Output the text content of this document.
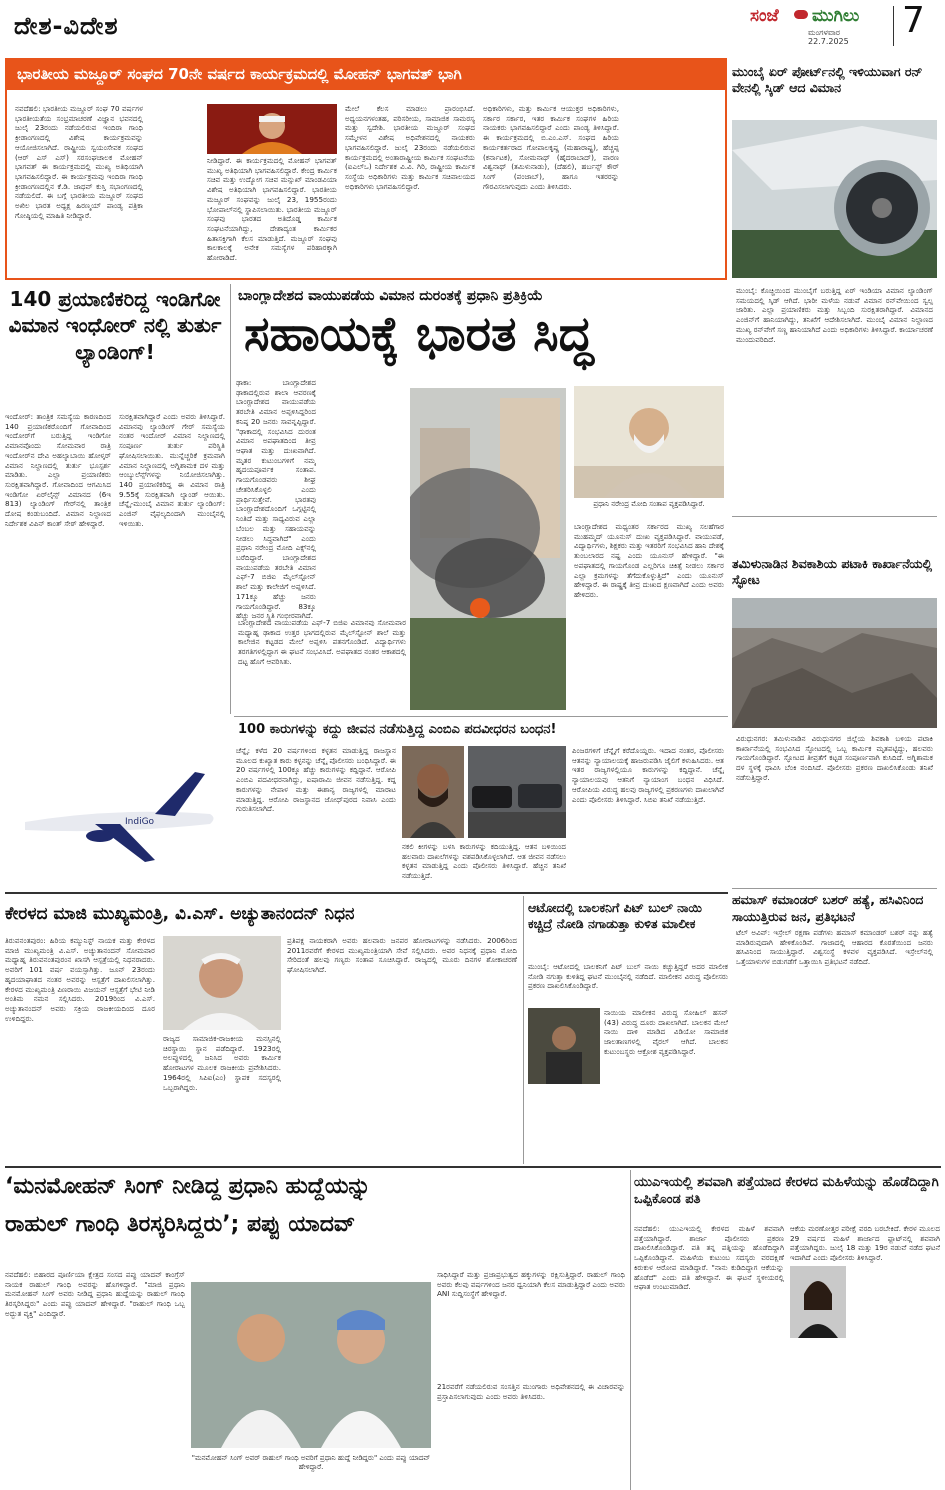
ದೇಶ-ವಿದೇಶ	ಸಂಜೆ ಮುಗಿಲು
ಮಂಗಳವಾರ
22.7.2025
7
ಭಾರತೀಯ ಮಜ್ದೂರ್ ಸಂಘದ 70ನೇ ವರ್ಷದ ಕಾರ್ಯಕ್ರಮದಲ್ಲಿ ಮೋಹನ್ ಭಾಗವತ್ ಭಾಗಿ
ನವದೆಹಲಿ: ಭಾರತೀಯ ಮಜ್ದೂರ್ ಸಂಘ 70 ವರ್ಷಗಳ ಭಾರತೀಯತೆಯ ಸಂಭ್ರಮಾಚರಣೆ ವಿಜ್ಞಾನ ಭವನದಲ್ಲಿ ಜುಲೈ 23ರಂದು ನಡೆಯಲಿರುವ ಇಂದಿರಾ ಗಾಂಧಿ ಕ್ರೀಡಾಂಗಣದಲ್ಲಿ ವಿಶೇಷ ಕಾರ್ಯಕ್ರಮವನ್ನು ಆಯೋಜಿಸಲಾಗಿದೆ. ರಾಷ್ಟ್ರೀಯ ಸ್ವಯಂಸೇವಕ ಸಂಘದ (ಆರ್ ಎಸ್ ಎಸ್) ಸರಸಂಘಚಾಲಕ ಮೋಹನ್ ಭಾಗವತ್ ಈ ಕಾರ್ಯಕ್ರಮದಲ್ಲಿ ಮುಖ್ಯ ಅತಿಥಿಯಾಗಿ ಭಾಗವಹಿಸಲಿದ್ದಾರೆ. ಈ ಕಾರ್ಯಕ್ರಮವು ಇಂದಿರಾ ಗಾಂಧಿ ಕ್ರೀಡಾಂಗಣದಲ್ಲಿನ ಕೆ.ಡಿ. ಜಾಧವ್ ಕುಸ್ತಿ ಸಭಾಂಗಣದಲ್ಲಿ ನಡೆಯಲಿದೆ. ಈ ಬಗ್ಗೆ ಭಾರತೀಯ ಮಜ್ದೂರ್ ಸಂಘದ ಅಖಿಲ ಭಾರತ ಅಧ್ಯಕ್ಷ ಹಿರಣ್ಮಯ್ ಪಾಂಡ್ಯ ಪತ್ರಿಕಾ ಗೋಷ್ಠಿಯಲ್ಲಿ ಮಾಹಿತಿ ನೀಡಿದ್ದಾರೆ.
ನೀಡಿದ್ದಾರೆ. ಈ ಕಾರ್ಯಕ್ರಮದಲ್ಲಿ ಮೋಹನ್ ಭಾಗವತ್ ಮುಖ್ಯ ಅತಿಥಿಯಾಗಿ ಭಾಗವಹಿಸಲಿದ್ದಾರೆ. ಕೇಂದ್ರ ಕಾರ್ಮಿಕ ಸಚಿವ ಮತ್ತು ಉದ್ಯೋಗ ಸಚಿವ ಮನ್ಸುಖ್ ಮಾಂಡವಿಯಾ ವಿಶೇಷ ಅತಿಥಿಯಾಗಿ ಭಾಗವಹಿಸಲಿದ್ದಾರೆ. ಭಾರತೀಯ ಮಜ್ದೂರ್ ಸಂಘವನ್ನು ಜುಲೈ 23, 1955ರಂದು ಭೋಪಾಲ್‌ನಲ್ಲಿ ಸ್ಥಾಪಿಸಲಾಯಿತು. ಭಾರತೀಯ ಮಜ್ದೂರ್ ಸಂಘವು ಭಾರತದ ಅತಿದೊಡ್ಡ ಕಾರ್ಮಿಕ ಸಂಘಟನೆಯಾಗಿದ್ದು, ದೇಶಾದ್ಯಂತ ಕಾರ್ಮಿಕರ ಹಿತಾಸಕ್ತಿಗಾಗಿ ಕೆಲಸ ಮಾಡುತ್ತಿದೆ. ಮಜ್ದೂರ್ ಸಂಘವು ಕಾಲಕಾಲಕ್ಕೆ ಅನೇಕ ಸಮಸ್ಯೆಗಳ ಪರಿಹಾರಕ್ಕಾಗಿ ಹೋರಾಡಿದೆ.
ಮೇಲೆ ಕೆಲಸ ಮಾಡಲು ಪ್ರಾರಂಭಿಸಿದೆ. ಅಧ್ಯಯನಗಳಂತಹ, ಪರಿಸರೀಯ, ಸಾಮಾಜಿಕ ಸಾಮರಸ್ಯ ಮತ್ತು ಸ್ವದೇಶಿ. ಭಾರತೀಯ ಮಜ್ದೂರ್ ಸಂಘದ ಸಮ್ಮೇಳನ ವಿಶೇಷ ಅಧಿವೇಶನದಲ್ಲಿ ನಾಯಕರು ಭಾಗವಹಿಸಲಿದ್ದಾರೆ. ಜುಲೈ 23ರಂದು ನಡೆಯಲಿರುವ ಕಾರ್ಯಕ್ರಮದಲ್ಲಿ ಅಂತಾರಾಷ್ಟ್ರೀಯ ಕಾರ್ಮಿಕ ಸಂಘಟನೆಯ (ಐಎಲ್‌ಒ) ನಿರ್ದೇಶಕ ವಿ.ವಿ. ಗಿರಿ, ರಾಷ್ಟ್ರೀಯ ಕಾರ್ಮಿಕ ಸಂಸ್ಥೆಯ ಅಧಿಕಾರಿಗಳು ಮತ್ತು ಕಾರ್ಮಿಕ ಸಚಿವಾಲಯದ ಅಧಿಕಾರಿಗಳು ಭಾಗವಹಿಸಲಿದ್ದಾರೆ.
ಅಧಿಕಾರಿಗಳು, ಮತ್ತು ಕಾರ್ಮಿಕ ಆಯುಕ್ತರ ಅಧಿಕಾರಿಗಳು, ಸರ್ಕಾರ ಸರ್ಕಾರ, ಇತರ ಕಾರ್ಮಿಕ ಸಂಘಗಳ ಹಿರಿಯ ನಾಯಕರು ಭಾಗವಹಿಸಲಿದ್ದಾರೆ ಎಂದು ಪಾಂಡ್ಯ ತಿಳಿಸಿದ್ದಾರೆ. ಈ ಕಾರ್ಯಕ್ರಮದಲ್ಲಿ ಬಿ.ಎಂ.ಎಸ್. ಸಂಘದ ಹಿರಿಯ ಕಾರ್ಯಕರ್ತರಾದ ಗೋಪಾಲಕೃಷ್ಣ (ಮಹಾರಾಷ್ಟ್ರ), ಹೆಚ್ಚಪ್ಪ (ಕರ್ನಾಟಕ), ಸೋಮನಾಥ್ (ಹೈದರಾಬಾದ್), ವಾರಣ ವಿಶ್ವನಾಥ್ (ತಮಿಳುನಾಡು), (ದೆಹಲಿ), ಹರ್ಬನ್ಸ್ ಕೌರ್ ಸಿಂಗ್ (ಪಂಜಾಬ್), ಹಾಗೂ ಇತರರನ್ನು ಗೌರವಿಸಲಾಗುವುದು ಎಂದು ತಿಳಿಸಿದರು.
ಮುಂಬೈ ಏರ್ ಪೋರ್ಟ್‌ನಲ್ಲಿ ಇಳಿಯುವಾಗ ರನ್ ವೇನಲ್ಲಿ ಸ್ಕಿಡ್ ಆದ ವಿಮಾನ
ಮುಂಬೈ: ಕೊಚ್ಚಿಯಿಂದ ಮುಂಬೈಗೆ ಬರುತ್ತಿದ್ದ ಏರ್ ಇಂಡಿಯಾ ವಿಮಾನ ಲ್ಯಾಂಡಿಂಗ್ ಸಮಯದಲ್ಲಿ ಸ್ಕಿಡ್ ಆಗಿದೆ. ಭಾರೀ ಮಳೆಯ ನಡುವೆ ವಿಮಾನ ರನ್‌ವೇಯಿಂದ ಸ್ವಲ್ಪ ಜಾರಿತು. ಎಲ್ಲಾ ಪ್ರಯಾಣಿಕರು ಮತ್ತು ಸಿಬ್ಬಂದಿ ಸುರಕ್ಷಿತರಾಗಿದ್ದಾರೆ. ವಿಮಾನದ ಎಂಜಿನ್‌ಗೆ ಹಾನಿಯಾಗಿದ್ದು, ತನಿಖೆಗೆ ಆದೇಶಿಸಲಾಗಿದೆ. ಮುಂಬೈ ವಿಮಾನ ನಿಲ್ದಾಣದ ಮುಖ್ಯ ರನ್‌ವೇಗೆ ಸಣ್ಣ ಹಾನಿಯಾಗಿದೆ ಎಂದು ಅಧಿಕಾರಿಗಳು ತಿಳಿಸಿದ್ದಾರೆ. ಕಾರ್ಯಾಚರಣೆ ಮುಂದುವರಿದಿದೆ.
ತಮಿಳುನಾಡಿನ ಶಿವಕಾಶಿಯ ಪಟಾಕಿ ಕಾರ್ಖಾನೆಯಲ್ಲಿ ಸ್ಫೋಟ
ವಿರುಧುನಗರ: ತಮಿಳುನಾಡಿನ ವಿರುಧುನಗರ ಜಿಲ್ಲೆಯ ಶಿವಕಾಶಿ ಬಳಿಯ ಪಟಾಕಿ ಕಾರ್ಖಾನೆಯಲ್ಲಿ ಸಂಭವಿಸಿದ ಸ್ಫೋಟದಲ್ಲಿ ಒಬ್ಬ ಕಾರ್ಮಿಕ ಮೃತಪಟ್ಟಿದ್ದು, ಹಲವರು ಗಾಯಗೊಂಡಿದ್ದಾರೆ. ಸ್ಫೋಟದ ತೀವ್ರತೆಗೆ ಕಟ್ಟಡ ಸಂಪೂರ್ಣವಾಗಿ ಕುಸಿದಿದೆ. ಅಗ್ನಿಶಾಮಕ ದಳ ಸ್ಥಳಕ್ಕೆ ಧಾವಿಸಿ ಬೆಂಕಿ ನಂದಿಸಿದೆ. ಪೊಲೀಸರು ಪ್ರಕರಣ ದಾಖಲಿಸಿಕೊಂಡು ತನಿಖೆ ನಡೆಸುತ್ತಿದ್ದಾರೆ.
ಹಮಾಸ್ ಕಮಾಂಡರ್ ಬಶರ್ ಹತ್ಯೆ, ಹಸಿವಿನಿಂದ ಸಾಯುತ್ತಿರುವ ಜನ, ಪ್ರತಿಭಟನೆ
ಟೆಲ್ ಅವಿವ್: ಇಸ್ರೇಲ್ ರಕ್ಷಣಾ ಪಡೆಗಳು ಹಮಾಸ್ ಕಮಾಂಡರ್ ಬಶರ್ ನನ್ನು ಹತ್ಯೆ ಮಾಡಿರುವುದಾಗಿ ಹೇಳಿಕೊಂಡಿವೆ. ಗಾಜಾದಲ್ಲಿ ಆಹಾರದ ಕೊರತೆಯಿಂದ ಜನರು ಹಸಿವಿನಿಂದ ಸಾಯುತ್ತಿದ್ದಾರೆ. ವಿಶ್ವಸಂಸ್ಥೆ ಕಳವಳ ವ್ಯಕ್ತಪಡಿಸಿದೆ. ಇಸ್ರೇಲ್‌ನಲ್ಲಿ ಒತ್ತೆಯಾಳುಗಳ ಬಿಡುಗಡೆಗೆ ಒತ್ತಾಯಿಸಿ ಪ್ರತಿಭಟನೆ ನಡೆದಿದೆ.
140 ಪ್ರಯಾಣಿಕರಿದ್ದ ಇಂಡಿಗೋ ವಿಮಾನ ಇಂಧೋರ್ ನಲ್ಲಿ ತುರ್ತು ಲ್ಯಾಂಡಿಂಗ್!
ಇಂದೋರ್: ತಾಂತ್ರಿಕ ಸಮಸ್ಯೆಯ ಕಾರಣದಿಂದ 140 ಪ್ರಯಾಣಿಕರೊಂದಿಗೆ ಗೋವಾದಿಂದ ಇಂದೋರ್‌ಗೆ ಬರುತ್ತಿದ್ದ ಇಂಡಿಗೋ ವಿಮಾನವೊಂದು ಸೋಮವಾರ ರಾತ್ರಿ ಇಂದೋರ್‌ನ ದೇವಿ ಅಹಲ್ಯಾಬಾಯಿ ಹೋಳ್ಕರ್ ವಿಮಾನ ನಿಲ್ದಾಣದಲ್ಲಿ ತುರ್ತು ಭೂಸ್ಪರ್ಶ ಮಾಡಿತು. ಎಲ್ಲಾ ಪ್ರಯಾಣಿಕರು ಸುರಕ್ಷಿತವಾಗಿದ್ದಾರೆ. ಗೋವಾದಿಂದ ಆಗಮಿಸಿದ ಇಂಡಿಗೋ ಏರ್‌ಲೈನ್ಸ್ ವಿಮಾನದ (6ಇ 813) ಲ್ಯಾಂಡಿಂಗ್ ಗೇರ್‌ನಲ್ಲಿ ತಾಂತ್ರಿಕ ದೋಷ ಕಂಡುಬಂದಿದೆ. ವಿಮಾನ ನಿಲ್ದಾಣದ ನಿರ್ದೇಶಕ ವಿಪಿನ್ ಕಾಂತ್ ಸೇಠ್ ಹೇಳಿದ್ದಾರೆ.
ಸುರಕ್ಷಿತವಾಗಿದ್ದಾರೆ ಎಂದು ಅವರು ತಿಳಿಸಿದ್ದಾರೆ. ವಿಮಾನವು ಲ್ಯಾಂಡಿಂಗ್ ಗೇರ್ ಸಮಸ್ಯೆಯ ನಂತರ ಇಂದೋರ್ ವಿಮಾನ ನಿಲ್ದಾಣದಲ್ಲಿ ಸಂಪೂರ್ಣ ತುರ್ತು ಪರಿಸ್ಥಿತಿ ಘೋಷಿಸಲಾಯಿತು. ಮುನ್ನೆಚ್ಚರಿಕೆ ಕ್ರಮವಾಗಿ ವಿಮಾನ ನಿಲ್ದಾಣದಲ್ಲಿ ಅಗ್ನಿಶಾಮಕ ದಳ ಮತ್ತು ಆಂಬ್ಯುಲೆನ್ಸ್‌ಗಳನ್ನು ನಿಯೋಜಿಸಲಾಗಿತ್ತು. 140 ಪ್ರಯಾಣಿಕರಿದ್ದ ಈ ವಿಮಾನ ರಾತ್ರಿ 9.55ಕ್ಕೆ ಸುರಕ್ಷಿತವಾಗಿ ಲ್ಯಾಂಡ್ ಆಯಿತು. ಚೆನ್ನೈ-ಮುಂಬೈ ವಿಮಾನ ತುರ್ತು ಲ್ಯಾಂಡಿಂಗ್: ಎಂಜಿನ್ ವೈಫಲ್ಯದಿಂದಾಗಿ ಮುಂಬೈನಲ್ಲಿ ಇಳಿಯಿತು.
IndiGo
ಬಾಂಗ್ಲಾದೇಶದ ವಾಯುಪಡೆಯ ವಿಮಾನ ದುರಂತಕ್ಕೆ ಪ್ರಧಾನಿ ಪ್ರತಿಕ್ರಿಯೆ
ಸಹಾಯಕ್ಕೆ ಭಾರತ ಸಿದ್ಧ
ಢಾಕಾ: ಬಾಂಗ್ಲಾದೇಶದ ಢಾಕಾದಲ್ಲಿರುವ ಶಾಲಾ ಆವರಣಕ್ಕೆ ಬಾಂಗ್ಲಾದೇಶದ ವಾಯುಪಡೆಯ ತರಬೇತಿ ವಿಮಾನ ಅಪ್ಪಳಿಸಿದ್ದರಿಂದ ಕನಿಷ್ಠ 20 ಜನರು ಸಾವನ್ನಪ್ಪಿದ್ದಾರೆ. "ಢಾಕಾದಲ್ಲಿ ಸಂಭವಿಸಿದ ದುರಂತ ವಿಮಾನ ಅಪಘಾತದಿಂದ ತೀವ್ರ ಆಘಾತ ಮತ್ತು ದುಃಖವಾಗಿದೆ. ಮೃತರ ಕುಟುಂಬಗಳಿಗೆ ನಮ್ಮ ಹೃದಯಪೂರ್ವಕ ಸಂತಾಪ. ಗಾಯಗೊಂಡವರು ಶೀಘ್ರ ಚೇತರಿಸಿಕೊಳ್ಳಲಿ ಎಂದು ಪ್ರಾರ್ಥಿಸುತ್ತೇವೆ. ಭಾರತವು ಬಾಂಗ್ಲಾದೇಶದೊಂದಿಗೆ ಒಗ್ಗಟ್ಟಿನಲ್ಲಿ ನಿಂತಿದೆ ಮತ್ತು ಸಾಧ್ಯವಿರುವ ಎಲ್ಲಾ ಬೆಂಬಲ ಮತ್ತು ಸಹಾಯವನ್ನು ನೀಡಲು ಸಿದ್ಧವಾಗಿದೆ" ಎಂದು ಪ್ರಧಾನಿ ನರೇಂದ್ರ ಮೋದಿ ಎಕ್ಸ್‌ನಲ್ಲಿ ಬರೆದಿದ್ದಾರೆ. ಬಾಂಗ್ಲಾದೇಶದ ವಾಯುಪಡೆಯ ತರಬೇತಿ ವಿಮಾನ ಎಫ್-7 ಬಿಜಿಐ ಮೈಲ್‌ಸ್ಟೋನ್ ಶಾಲೆ ಮತ್ತು ಕಾಲೇಜಿಗೆ ಅಪ್ಪಳಿಸಿದೆ. 171ಕ್ಕೂ ಹೆಚ್ಚು ಜನರು ಗಾಯಗೊಂಡಿದ್ದಾರೆ. 83ಕ್ಕೂ ಹೆಚ್ಚು ಜನರ ಸ್ಥಿತಿ ಗಂಭೀರವಾಗಿದೆ.
ಬಾಂಗ್ಲಾದೇಶದ ವಾಯುಪಡೆಯ ಎಫ್-7 ಬಿಜಿಐ ವಿಮಾನವು ಸೋಮವಾರ ಮಧ್ಯಾಹ್ನ ಢಾಕಾದ ಉತ್ತರ ಭಾಗದಲ್ಲಿರುವ ಮೈಲ್‌ಸ್ಟೋನ್ ಶಾಲೆ ಮತ್ತು ಕಾಲೇಜಿನ ಕಟ್ಟಡದ ಮೇಲೆ ಅಪ್ಪಳಿಸಿ ಪತನಗೊಂಡಿದೆ. ವಿದ್ಯಾರ್ಥಿಗಳು ತರಗತಿಗಳಲ್ಲಿದ್ದಾಗ ಈ ಘಟನೆ ಸಂಭವಿಸಿದೆ. ಅಪಘಾತದ ನಂತರ ಆಕಾಶದಲ್ಲಿ ದಟ್ಟ ಹೊಗೆ ಆವರಿಸಿತು.
ಪ್ರಧಾನಿ ನರೇಂದ್ರ ಮೋದಿ ಸಂತಾಪ ವ್ಯಕ್ತಪಡಿಸಿದ್ದಾರೆ.
ಬಾಂಗ್ಲಾದೇಶದ ಮಧ್ಯಂತರ ಸರ್ಕಾರದ ಮುಖ್ಯ ಸಲಹೆಗಾರ ಮುಹಮ್ಮದ್ ಯೂನುಸ್ ದುಃಖ ವ್ಯಕ್ತಪಡಿಸಿದ್ದಾರೆ. ವಾಯುಪಡೆ, ವಿದ್ಯಾರ್ಥಿಗಳು, ಶಿಕ್ಷಕರು ಮತ್ತು ಇತರರಿಗೆ ಸಂಭವಿಸಿದ ಹಾನಿ ದೇಶಕ್ಕೆ ತುಂಬಲಾರದ ನಷ್ಟ ಎಂದು ಯೂನುಸ್ ಹೇಳಿದ್ದಾರೆ. "ಈ ಅಪಘಾತದಲ್ಲಿ ಗಾಯಗೊಂಡ ಎಲ್ಲರಿಗೂ ಚಿಕಿತ್ಸೆ ನೀಡಲು ಸರ್ಕಾರ ಎಲ್ಲಾ ಕ್ರಮಗಳನ್ನು ತೆಗೆದುಕೊಳ್ಳುತ್ತಿದೆ" ಎಂದು ಯೂನುಸ್ ಹೇಳಿದ್ದಾರೆ. ಈ ರಾಷ್ಟ್ರಕ್ಕೆ ತೀವ್ರ ದುಃಖದ ಕ್ಷಣವಾಗಿದೆ ಎಂದು ಅವರು ಹೇಳಿದರು.
100 ಕಾರುಗಳನ್ನು ಕದ್ದು ಜೀವನ ನಡೆಸುತ್ತಿದ್ದ ಎಂಬಿಎ ಪದವೀಧರನ ಬಂಧನ!
ಚೆನ್ನೈ: ಕಳೆದ 20 ವರ್ಷಗಳಿಂದ ಕಳ್ಳತನ ಮಾಡುತ್ತಿದ್ದ ರಾಜಸ್ಥಾನ ಮೂಲದ ಕುಖ್ಯಾತ ಕಾರು ಕಳ್ಳನನ್ನು ಚೆನ್ನೈ ಪೊಲೀಸರು ಬಂಧಿಸಿದ್ದಾರೆ. ಈ 20 ವರ್ಷಗಳಲ್ಲಿ 100ಕ್ಕೂ ಹೆಚ್ಚು ಕಾರುಗಳನ್ನು ಕದ್ದಿದ್ದಾನೆ. ಆರೋಪಿ ಎಂಬಿಎ ಪದವೀಧರನಾಗಿದ್ದು, ಐಷಾರಾಮಿ ಜೀವನ ನಡೆಸುತ್ತಿದ್ದ. ಕದ್ದ ಕಾರುಗಳನ್ನು ನೇಪಾಳ ಮತ್ತು ಈಶಾನ್ಯ ರಾಜ್ಯಗಳಲ್ಲಿ ಮಾರಾಟ ಮಾಡುತ್ತಿದ್ದ. ಆರೋಪಿ ರಾಜಸ್ಥಾನದ ಜೋಧ್‌ಪುರದ ನಿವಾಸಿ ಎಂದು ಗುರುತಿಸಲಾಗಿದೆ.
ನಕಲಿ ಕೀಗಳನ್ನು ಬಳಸಿ ಕಾರುಗಳನ್ನು ಕದಿಯುತ್ತಿದ್ದ. ಆತನ ಬಳಿಯಿಂದ ಹಲವಾರು ದಾಖಲೆಗಳನ್ನು ವಶಪಡಿಸಿಕೊಳ್ಳಲಾಗಿದೆ. ಆತ ಜೀವನ ನಡೆಸಲು ಕಳ್ಳತನ ಮಾಡುತ್ತಿದ್ದ ಎಂದು ಪೊಲೀಸರು ತಿಳಿಸಿದ್ದಾರೆ. ಹೆಚ್ಚಿನ ತನಿಖೆ ನಡೆಯುತ್ತಿದೆ.
ಪಿಂಜರಗಳಿಗೆ ಚೆನ್ನೈಗೆ ಕರೆದೊಯ್ದರು. ಇದಾದ ನಂತರ, ಪೊಲೀಸರು ಆತನನ್ನು ನ್ಯಾಯಾಲಯಕ್ಕೆ ಹಾಜರುಪಡಿಸಿ ಜೈಲಿಗೆ ಕಳುಹಿಸಿದರು. ಆತ ಇತರ ರಾಜ್ಯಗಳಲ್ಲಿಯೂ ಕಾರುಗಳನ್ನು ಕದ್ದಿದ್ದಾನೆ. ಚೆನ್ನೈ ನ್ಯಾಯಾಲಯವು ಆತನಿಗೆ ನ್ಯಾಯಾಂಗ ಬಂಧನ ವಿಧಿಸಿದೆ. ಆರೋಪಿಯ ವಿರುದ್ಧ ಹಲವು ರಾಜ್ಯಗಳಲ್ಲಿ ಪ್ರಕರಣಗಳು ದಾಖಲಾಗಿವೆ ಎಂದು ಪೊಲೀಸರು ತಿಳಿಸಿದ್ದಾರೆ. ಸಿಬಿಐ ತನಿಖೆ ನಡೆಯುತ್ತಿದೆ.
ಕೇರಳದ ಮಾಜಿ ಮುಖ್ಯಮಂತ್ರಿ, ವಿ.ಎಸ್. ಅಚ್ಯುತಾನಂದನ್ ನಿಧನ
ತಿರುವನಂತಪುರಂ: ಹಿರಿಯ ಕಮ್ಯುನಿಸ್ಟ್ ನಾಯಕ ಮತ್ತು ಕೇರಳದ ಮಾಜಿ ಮುಖ್ಯಮಂತ್ರಿ ವಿ.ಎಸ್. ಅಚ್ಯುತಾನಂದನ್ ಸೋಮವಾರ ಮಧ್ಯಾಹ್ನ ತಿರುವನಂತಪುರಂನ ಖಾಸಗಿ ಆಸ್ಪತ್ರೆಯಲ್ಲಿ ನಿಧನರಾದರು. ಅವರಿಗೆ 101 ವರ್ಷ ವಯಸ್ಸಾಗಿತ್ತು. ಜೂನ್ 23ರಂದು ಹೃದಯಾಘಾತದ ನಂತರ ಅವರನ್ನು ಆಸ್ಪತ್ರೆಗೆ ದಾಖಲಿಸಲಾಗಿತ್ತು. ಕೇರಳದ ಮುಖ್ಯಮಂತ್ರಿ ಪಿಣರಾಯಿ ವಿಜಯನ್ ಆಸ್ಪತ್ರೆಗೆ ಭೇಟಿ ನೀಡಿ ಅಂತಿಮ ನಮನ ಸಲ್ಲಿಸಿದರು. 2019ರಿಂದ ವಿ.ಎಸ್. ಅಚ್ಯುತಾನಂದನ್ ಅವರು ಸಕ್ರಿಯ ರಾಜಕೀಯದಿಂದ ದೂರ ಉಳಿದಿದ್ದರು.
ರಾಜ್ಯದ ಸಾಮಾಜಿಕ-ರಾಜಕೀಯ ಮನಸ್ಸಿನಲ್ಲಿ ಚಿರಸ್ಥಾಯಿ ಸ್ಥಾನ ಪಡೆದಿದ್ದಾರೆ. 1923ರಲ್ಲಿ ಅಲಪ್ಪುಳದಲ್ಲಿ ಜನಿಸಿದ ಅವರು ಕಾರ್ಮಿಕ ಹೋರಾಟಗಳ ಮೂಲಕ ರಾಜಕೀಯ ಪ್ರವೇಶಿಸಿದರು. 1964ರಲ್ಲಿ ಸಿಪಿಐ(ಎಂ) ಸ್ಥಾಪಕ ಸದಸ್ಯರಲ್ಲಿ ಒಬ್ಬರಾಗಿದ್ದರು.
ಪ್ರತಿಪಕ್ಷ ನಾಯಕರಾಗಿ ಅವರು ಹಲವಾರು ಜನಪರ ಹೋರಾಟಗಳನ್ನು ನಡೆಸಿದರು. 2006ರಿಂದ 2011ರವರೆಗೆ ಕೇರಳದ ಮುಖ್ಯಮಂತ್ರಿಯಾಗಿ ಸೇವೆ ಸಲ್ಲಿಸಿದರು. ಅವರ ನಿಧನಕ್ಕೆ ಪ್ರಧಾನಿ ಮೋದಿ ಸೇರಿದಂತೆ ಹಲವು ಗಣ್ಯರು ಸಂತಾಪ ಸೂಚಿಸಿದ್ದಾರೆ. ರಾಜ್ಯದಲ್ಲಿ ಮೂರು ದಿನಗಳ ಶೋಕಾಚರಣೆ ಘೋಷಿಸಲಾಗಿದೆ.
ಆಟೋದಲ್ಲಿ ಬಾಲಕನಿಗೆ ಪಿಟ್ ಬುಲ್ ನಾಯಿ ಕಚ್ಚಿದ್ರೆ ನೋಡಿ ನಗಾಡುತ್ತಾ ಕುಳಿತ ಮಾಲೀಕ
ಮುಂಬೈ: ಆಟೋದಲ್ಲಿ ಬಾಲಕನಿಗೆ ಪಿಟ್ ಬುಲ್ ನಾಯಿ ಕಚ್ಚುತ್ತಿದ್ದರೆ ಅದರ ಮಾಲೀಕ ನೋಡಿ ನಗುತ್ತಾ ಕುಳಿತಿದ್ದ ಘಟನೆ ಮುಂಬೈನಲ್ಲಿ ನಡೆದಿದೆ. ಮಾಲೀಕನ ವಿರುದ್ಧ ಪೊಲೀಸರು ಪ್ರಕರಣ ದಾಖಲಿಸಿಕೊಂಡಿದ್ದಾರೆ.
ನಾಯಿಯ ಮಾಲೀಕನ ವಿರುದ್ಧ ಸೋಹಿಲ್ ಹಸನ್ (43) ವಿರುದ್ಧ ದೂರು ದಾಖಲಾಗಿದೆ. ಬಾಲಕನ ಮೇಲೆ ನಾಯಿ ದಾಳಿ ಮಾಡಿದ ವಿಡಿಯೋ ಸಾಮಾಜಿಕ ಜಾಲತಾಣಗಳಲ್ಲಿ ವೈರಲ್ ಆಗಿದೆ. ಬಾಲಕನ ಕುಟುಂಬಸ್ಥರು ಆಕ್ರೋಶ ವ್ಯಕ್ತಪಡಿಸಿದ್ದಾರೆ.
‘ಮನಮೋಹನ್ ಸಿಂಗ್ ನೀಡಿದ್ದ ಪ್ರಧಾನಿ ಹುದ್ದೆಯನ್ನು
ರಾಹುಲ್ ಗಾಂಧಿ ತಿರಸ್ಕರಿಸಿದ್ದರು’; ಪಪ್ಪು ಯಾದವ್
ನವದೆಹಲಿ: ಬಿಹಾರದ ಪೂರ್ಣಿಯಾ ಕ್ಷೇತ್ರದ ಸಂಸದ ಪಪ್ಪು ಯಾದವ್ ಕಾಂಗ್ರೆಸ್ ನಾಯಕ ರಾಹುಲ್ ಗಾಂಧಿ ಅವರನ್ನು ಹೊಗಳಿದ್ದಾರೆ. "ಮಾಜಿ ಪ್ರಧಾನಿ ಮನಮೋಹನ್ ಸಿಂಗ್ ಅವರು ನೀಡಿದ್ದ ಪ್ರಧಾನಿ ಹುದ್ದೆಯನ್ನು ರಾಹುಲ್ ಗಾಂಧಿ ತಿರಸ್ಕರಿಸಿದ್ದರು" ಎಂದು ಪಪ್ಪು ಯಾದವ್ ಹೇಳಿದ್ದಾರೆ. "ರಾಹುಲ್ ಗಾಂಧಿ ಒಬ್ಬ ಅದ್ಭುತ ವ್ಯಕ್ತಿ" ಎಂದಿದ್ದಾರೆ.
"ಮನಮೋಹನ್ ಸಿಂಗ್ ಅವರ್ ರಾಹುಲ್ ಗಾಂಧಿ ಅವರಿಗೆ ಪ್ರಧಾನಿ ಹುದ್ದೆ ನೀಡಿದ್ದರು" ಎಂದು ಪಪ್ಪು ಯಾದವ್ ಹೇಳಿದ್ದಾರೆ.
ಸಾಧಿಸಿದ್ದಾರೆ ಮತ್ತು ಪ್ರಜಾಪ್ರಭುತ್ವದ ಹಕ್ಕುಗಳನ್ನು ರಕ್ಷಿಸುತ್ತಿದ್ದಾರೆ. ರಾಹುಲ್ ಗಾಂಧಿ ಅವರು ಕೆಲವು ವರ್ಷಗಳಿಂದ ಜನರ ಧ್ವನಿಯಾಗಿ ಕೆಲಸ ಮಾಡುತ್ತಿದ್ದಾರೆ ಎಂದು ಅವರು ANI ಸುದ್ದಿಸಂಸ್ಥೆಗೆ ಹೇಳಿದ್ದಾರೆ.
21ರವರೆಗೆ ನಡೆಯಲಿರುವ ಸಂಸತ್ತಿನ ಮುಂಗಾರು ಅಧಿವೇಶನದಲ್ಲಿ ಈ ವಿಚಾರವನ್ನು ಪ್ರಸ್ತಾಪಿಸಲಾಗುವುದು ಎಂದು ಅವರು ತಿಳಿಸಿದರು.
ಯುಎಇಯಲ್ಲಿ ಶವವಾಗಿ ಪತ್ತೆಯಾದ ಕೇರಳದ ಮಹಿಳೆಯನ್ನು ಹೊಡೆದಿದ್ದಾಗಿ ಒಪ್ಪಿಕೊಂಡ ಪತಿ
ನವದೆಹಲಿ: ಯುಎಇಯಲ್ಲಿ ಕೇರಳದ ಮಹಿಳೆ ಶವವಾಗಿ ಪತ್ತೆಯಾಗಿದ್ದಾರೆ. ಶಾರ್ಜಾ ಪೊಲೀಸರು ಪ್ರಕರಣ ದಾಖಲಿಸಿಕೊಂಡಿದ್ದಾರೆ. ಪತಿ ತನ್ನ ಪತ್ನಿಯನ್ನು ಹೊಡೆದಿದ್ದಾಗಿ ಒಪ್ಪಿಕೊಂಡಿದ್ದಾನೆ. ಮಹಿಳೆಯ ಕುಟುಂಬ ಸದಸ್ಯರು ವರದಕ್ಷಿಣೆ ಕಿರುಕುಳ ಆರೋಪ ಮಾಡಿದ್ದಾರೆ. "ನಾನು ಕುಡಿದಿದ್ದಾಗ ಆಕೆಯನ್ನು ಹೊಡೆದೆ" ಎಂದು ಪತಿ ಹೇಳಿದ್ದಾನೆ. ಈ ಘಟನೆ ಸ್ಥಳೀಯರಲ್ಲಿ ಆಘಾತ ಉಂಟುಮಾಡಿದೆ.
ಆಕೆಯ ಮರಣೋತ್ತರ ಪರೀಕ್ಷೆ ವರದಿ ಬರಬೇಕಿದೆ. ಕೇರಳ ಮೂಲದ 29 ವರ್ಷದ ಮಹಿಳೆ ಶಾರ್ಜಾದ ಫ್ಲಾಟ್‌ನಲ್ಲಿ ಶವವಾಗಿ ಪತ್ತೆಯಾಗಿದ್ದರು. ಜುಲೈ 18 ಮತ್ತು 19ರ ನಡುವೆ ನಡೆದ ಘಟನೆ ಇದಾಗಿದೆ ಎಂದು ಪೊಲೀಸರು ತಿಳಿಸಿದ್ದಾರೆ.
